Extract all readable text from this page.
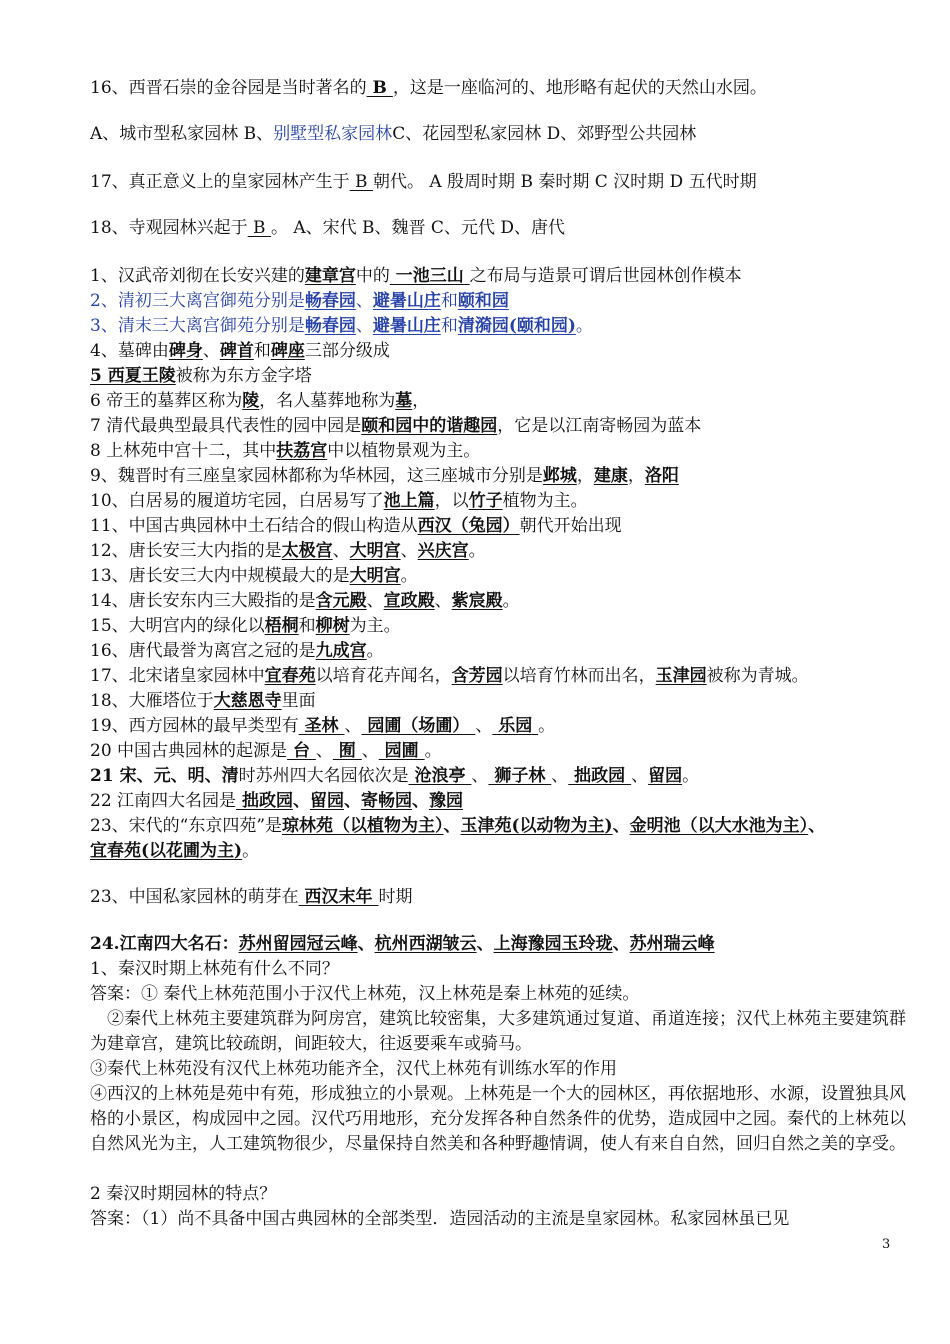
16、西晋石崇的金谷园是当时著名的 B ，这是一座临河的、地形略有起伏的天然山水园。

A、城市型私家园林 B、别墅型私家园林C、花园型私家园林 D、郊野型公共园林

17、真正意义上的皇家园林产生于 B 朝代。 A 殷周时期 B 秦时期 C 汉时期 D 五代时期

18、寺观园林兴起于 B 。 A、宋代 B、魏晋 C、元代 D、唐代

1、汉武帝刘彻在长安兴建的建章宫中的 一池三山 之布局与造景可谓后世园林创作模本

2、清初三大离宫御苑分别是畅春园、避暑山庄和颐和园

3、清末三大离宫御苑分别是畅春园、避暑山庄和清漪园(颐和园)。

4、墓碑由碑身、碑首和碑座三部分级成

5 西夏王陵被称为东方金字塔

6 帝王的墓葬区称为陵，名人墓葬地称为墓，

7 清代最典型最具代表性的园中园是颐和园中的谐趣园，它是以江南寄畅园为蓝本

8 上林苑中宫十二，其中扶荔宫中以植物景观为主。

9、魏晋时有三座皇家园林都称为华林园，这三座城市分别是邺城，建康，洛阳

10、白居易的履道坊宅园，白居易写了池上篇，以竹子植物为主。

11、中国古典园林中土石结合的假山构造从西汉（兔园）朝代开始出现

12、唐长安三大内指的是太极宫、大明宫、兴庆宫。

13、唐长安三大内中规模最大的是大明宫。

14、唐长安东内三大殿指的是含元殿、宣政殿、紫宸殿。

15、大明宫内的绿化以梧桐和柳树为主。

16、唐代最誉为离宫之冠的是九成宫。

17、北宋诸皇家园林中宜春苑以培育花卉闻名，含芳园以培育竹林而出名，玉津园被称为青城。

18、大雁塔位于大慈恩寺里面

19、西方园林的最早类型有 圣林 、 园圃（场圃） 、 乐园 。

20 中国古典园林的起源是 台 、 囿 、 园圃 。

21 宋、元、明、清时苏州四大名园依次是 沧浪亭 、 狮子林 、 拙政园 、留园。

22 江南四大名园是 拙政园、留园、寄畅园、豫园

23、宋代的“东京四苑”是琼林苑（以植物为主）、玉津苑(以动物为主)、金明池（以大水池为主）、

宜春苑(以花圃为主)。

23、中国私家园林的萌芽在 西汉末年 时期

24.江南四大名石：苏州留园冠云峰、杭州西湖皱云、上海豫园玉玲珑、苏州瑞云峰

1、秦汉时期上林苑有什么不同？

答案：① 秦代上林苑范围小于汉代上林苑，汉上林苑是秦上林苑的延续。

②秦代上林苑主要建筑群为阿房宫，建筑比较密集，大多建筑通过复道、甬道连接；汉代上林苑主要建筑群为建章宫，建筑比较疏朗，间距较大，往返要乘车或骑马。

③秦代上林苑没有汉代上林苑功能齐全，汉代上林苑有训练水军的作用

④西汉的上林苑是苑中有苑，形成独立的小景观。上林苑是一个大的园林区，再依据地形、水源，设置独具风格的小景区，构成园中之园。汉代巧用地形，充分发挥各种自然条件的优势，造成园中之园。秦代的上林苑以自然风光为主，人工建筑物很少，尽量保持自然美和各种野趣情调，使人有来自自然，回归自然之美的享受。

2 秦汉时期园林的特点？

答案：（1）尚不具备中国古典园林的全部类型．造园活动的主流是皇家园林。私家园林虽已见

3
